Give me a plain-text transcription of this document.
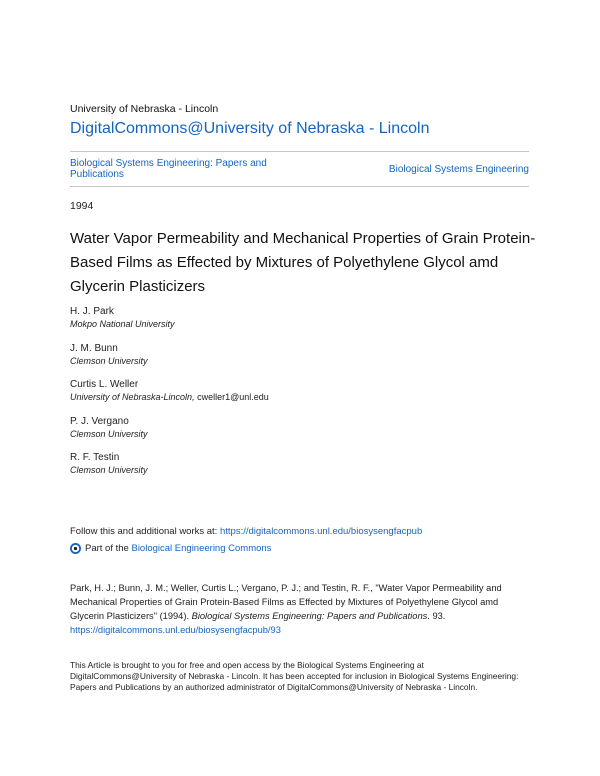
University of Nebraska - Lincoln
DigitalCommons@University of Nebraska - Lincoln
Biological Systems Engineering: Papers and Publications	Biological Systems Engineering
1994
Water Vapor Permeability and Mechanical Properties of Grain Protein-Based Films as Effected by Mixtures of Polyethylene Glycol amd Glycerin Plasticizers
H. J. Park
Mokpo National University
J. M. Bunn
Clemson University
Curtis L. Weller
University of Nebraska-Lincoln, cweller1@unl.edu
P. J. Vergano
Clemson University
R. F. Testin
Clemson University
Follow this and additional works at: https://digitalcommons.unl.edu/biosysengfacpub
Part of the
Biological Engineering Commons
Park, H. J.; Bunn, J. M.; Weller, Curtis L.; Vergano, P. J.; and Testin, R. F., "Water Vapor Permeability and Mechanical Properties of Grain Protein-Based Films as Effected by Mixtures of Polyethylene Glycol amd Glycerin Plasticizers" (1994). Biological Systems Engineering: Papers and Publications. 93.
https://digitalcommons.unl.edu/biosysengfacpub/93
This Article is brought to you for free and open access by the Biological Systems Engineering at DigitalCommons@University of Nebraska - Lincoln. It has been accepted for inclusion in Biological Systems Engineering: Papers and Publications by an authorized administrator of DigitalCommons@University of Nebraska - Lincoln.
